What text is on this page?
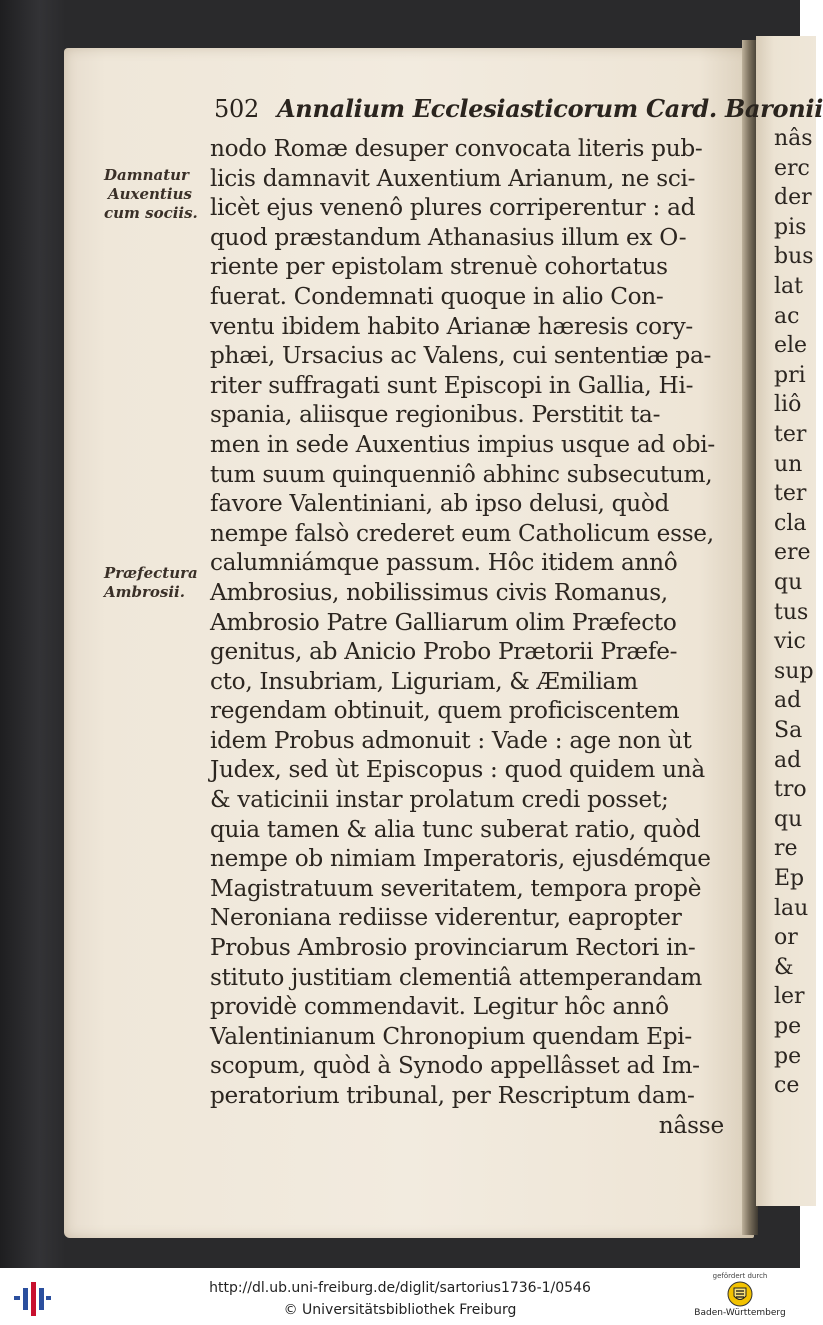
nâs
erc
der
pis
bus
lat
ac
ele
pri
liô
ter
un
ter
cla
ere
qu
tus
vic
sup
ad
Sa
ad
tro
qu
re
Ep
lau
or
&
ler
pe
pe
ce
502 Annalium Ecclesiasticorum Card. Baronii
Damnatur
Auxentius
cum sociis.
Præfectura
Ambrosii.
nodo Romæ desuper convocata literis pub-
licis damnavit Auxentium Arianum, ne sci-
licèt ejus venenô plures corriperentur : ad
quod præstandum Athanasius illum ex O-
riente per epistolam strenuè cohortatus
fuerat. Condemnati quoque in alio Con-
ventu ibidem habito Arianæ hæresis cory-
phæi, Ursacius ac Valens, cui sententiæ pa-
riter suffragati sunt Episcopi in Gallia, Hi-
spania, aliisque regionibus. Perstitit ta-
men in sede Auxentius impius usque ad obi-
tum suum quinquenniô abhinc subsecutum,
favore Valentiniani, ab ipso delusi, quòd
nempe falsò crederet eum Catholicum esse,
calumniámque passum. Hôc itidem annô
Ambrosius, nobilissimus civis Romanus,
Ambrosio Patre Galliarum olim Præfecto
genitus, ab Anicio Probo Prætorii Præfe-
cto, Insubriam, Liguriam, & Æmiliam
regendam obtinuit, quem proficiscentem
idem Probus admonuit : Vade : age non ùt
Judex, sed ùt Episcopus : quod quidem unà
& vaticinii instar prolatum credi posset;
quia tamen & alia tunc suberat ratio, quòd
nempe ob nimiam Imperatoris, ejusdémque
Magistratuum severitatem, tempora propè
Neroniana rediisse viderentur, eapropter
Probus Ambrosio provinciarum Rectori in-
stituto justitiam clementiâ attemperandam
providè commendavit. Legitur hôc annô
Valentinianum Chronopium quendam Epi-
scopum, quòd à Synodo appellâsset ad Im-
peratorium tribunal, per Rescriptum dam-
nâsse
http://dl.ub.uni-freiburg.de/diglit/sartorius1736-1/0546
© Universitätsbibliothek Freiburg
gefördert durch
Baden-Württemberg
